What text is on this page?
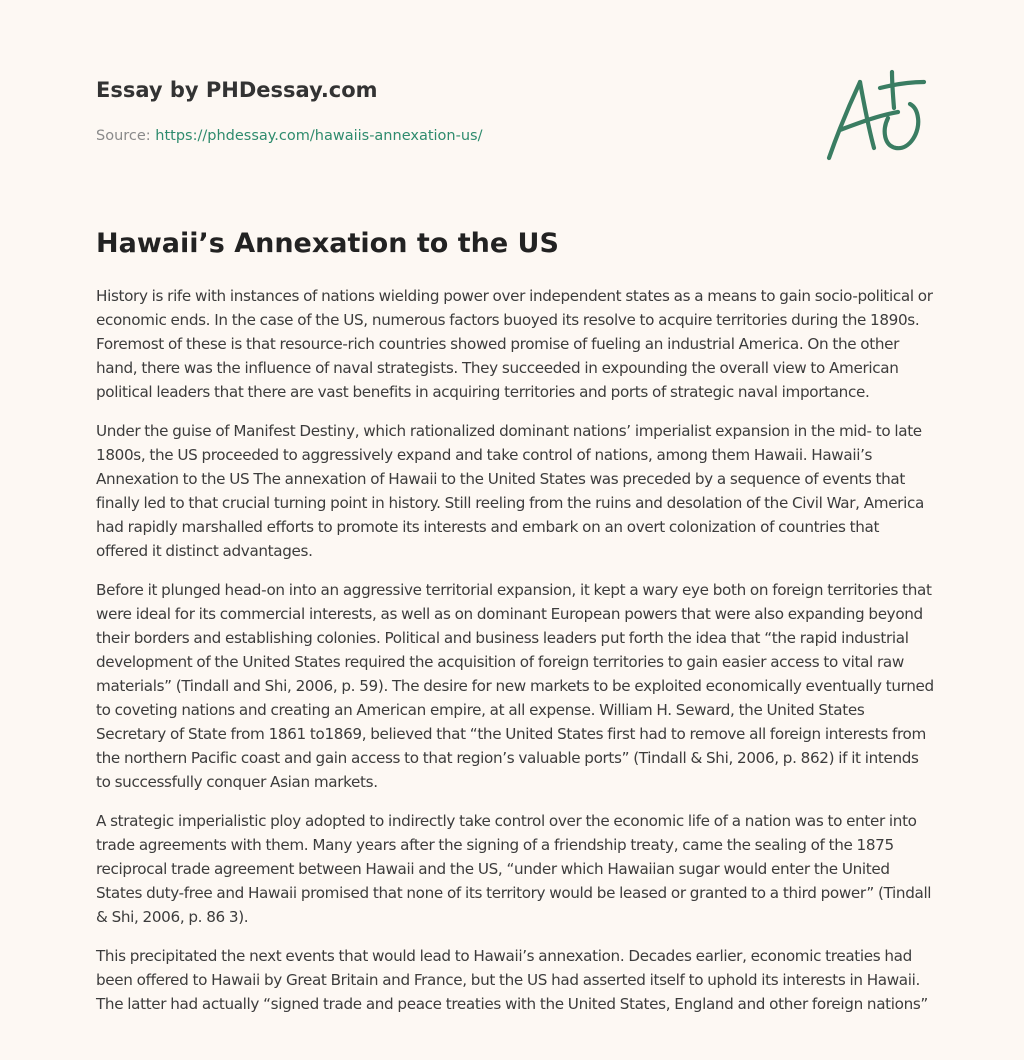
Essay by PHDessay.com
Source: https://phdessay.com/hawaiis-annexation-us/
Hawaii’s Annexation to the US

History is rife with instances of nations wielding power over independent states as a means to gain socio-political or economic ends. In the case of the US, numerous factors buoyed its resolve to acquire territories during the 1890s. Foremost of these is that resource-rich countries showed promise of fueling an industrial America. On the other hand, there was the influence of naval strategists. They succeeded in expounding the overall view to American political leaders that there are vast benefits in acquiring territories and ports of strategic naval importance.

Under the guise of Manifest Destiny, which rationalized dominant nations’ imperialist expansion in the mid- to late 1800s, the US proceeded to aggressively expand and take control of nations, among them Hawaii. Hawaii’s Annexation to the US The annexation of Hawaii to the United States was preceded by a sequence of events that finally led to that crucial turning point in history. Still reeling from the ruins and desolation of the Civil War, America had rapidly marshalled efforts to promote its interests and embark on an overt colonization of countries that offered it distinct advantages.

Before it plunged head-on into an aggressive territorial expansion, it kept a wary eye both on foreign territories that were ideal for its commercial interests, as well as on dominant European powers that were also expanding beyond their borders and establishing colonies. Political and business leaders put forth the idea that “the rapid industrial development of the United States required the acquisition of foreign territories to gain easier access to vital raw materials” (Tindall and Shi, 2006, p. 59). The desire for new markets to be exploited economically eventually turned to coveting nations and creating an American empire, at all expense. William H. Seward, the United States Secretary of State from 1861 to1869, believed that “the United States first had to remove all foreign interests from the northern Pacific coast and gain access to that region’s valuable ports” (Tindall & Shi, 2006, p. 862) if it intends to successfully conquer Asian markets.

A strategic imperialistic ploy adopted to indirectly take control over the economic life of a nation was to enter into trade agreements with them. Many years after the signing of a friendship treaty, came the sealing of the 1875 reciprocal trade agreement between Hawaii and the US, “under which Hawaiian sugar would enter the United States duty-free and Hawaii promised that none of its territory would be leased or granted to a third power” (Tindall & Shi, 2006, p. 86 3).

This precipitated the next events that would lead to Hawaii’s annexation. Decades earlier, economic treaties had been offered to Hawaii by Great Britain and France, but the US had asserted itself to uphold its interests in Hawaii. The latter had actually “signed trade and peace treaties with the United States, England and other foreign nations”
